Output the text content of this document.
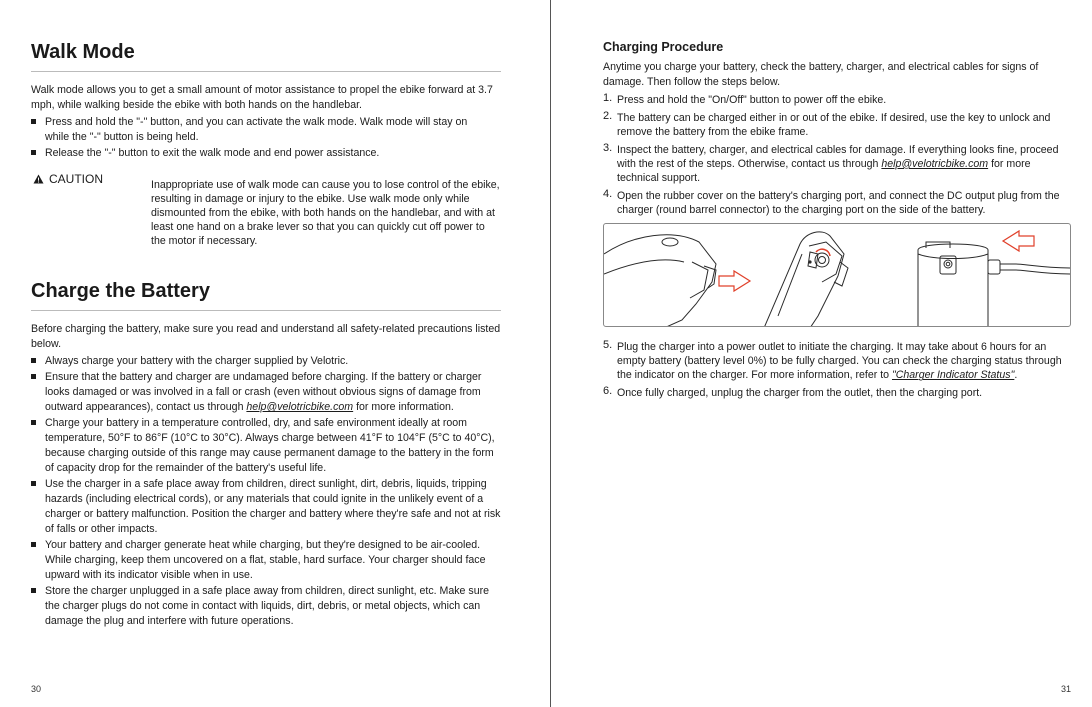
Walk Mode

Walk mode allows you to get a small amount of motor assistance to propel the ebike forward at 3.7 mph, while walking beside the ebike with both hands on the handlebar.

Press and hold the "-" button, and you can activate the walk mode. Walk mode will stay on while the "-" button is being held.
Release the "-" button to exit the walk mode and end power assistance.
CAUTION	Inappropriate use of walk mode can cause you to lose control of the ebike, resulting in damage or injury to the ebike. Use walk mode only while dismounted from the ebike, with both hands on the handlebar, and with at least one hand on a brake lever so that you can quickly cut off power to the motor if necessary.

Charge the Battery

Before charging the battery, make sure you read and understand all safety-related precautions listed below.

Always charge your battery with the charger supplied by Velotric.
Ensure that the battery and charger are undamaged before charging. If the battery or charger looks damaged or was involved in a fall or crash (even without obvious signs of damage from outward appearances), contact us through help@velotricbike.com for more information.
Charge your battery in a temperature controlled, dry, and safe environment ideally at room temperature, 50°F to 86°F (10°C to 30°C). Always charge between 41°F to 104°F (5°C to 40°C), because charging outside of this range may cause permanent damage to the battery in the form of capacity drop for the remainder of the battery's useful life.
Use the charger in a safe place away from children, direct sunlight, dirt, debris, liquids, tripping hazards (including electrical cords), or any materials that could ignite in the unlikely event of a charger or battery malfunction. Position the charger and battery where they're safe and not at risk of falls or other impacts.
Your battery and charger generate heat while charging, but they're designed to be air-cooled. While charging, keep them uncovered on a flat, stable, hard surface. Your charger should face upward with its indicator visible when in use.
Store the charger unplugged in a safe place away from children, direct sunlight, etc. Make sure the charger plugs do not come in contact with liquids, dirt, debris, or metal objects, which can damage the plug and interfere with future operations.
30
Charging Procedure

Anytime you charge your battery, check the battery, charger, and electrical cables for signs of damage. Then follow the steps below.

1. Press and hold the "On/Off" button to power off the ebike.
2. The battery can be charged either in or out of the ebike. If desired, use the key to unlock and remove the battery from the ebike frame.
3. Inspect the battery, charger, and electrical cables for damage. If everything looks fine, proceed with the rest of the steps. Otherwise, contact us through help@velotricbike.com for more technical support.
4. Open the rubber cover on the battery's charging port, and connect the DC output plug from the charger (round barrel connector) to the charging port on the side of the battery.
5. Plug the charger into a power outlet to initiate the charging. It may take about 6 hours for an empty battery (battery level 0%) to be fully charged. You can check the charging status through the indicator on the charger. For more information, refer to "Charger Indicator Status".
6. Once fully charged, unplug the charger from the outlet, then the charging port.
31
